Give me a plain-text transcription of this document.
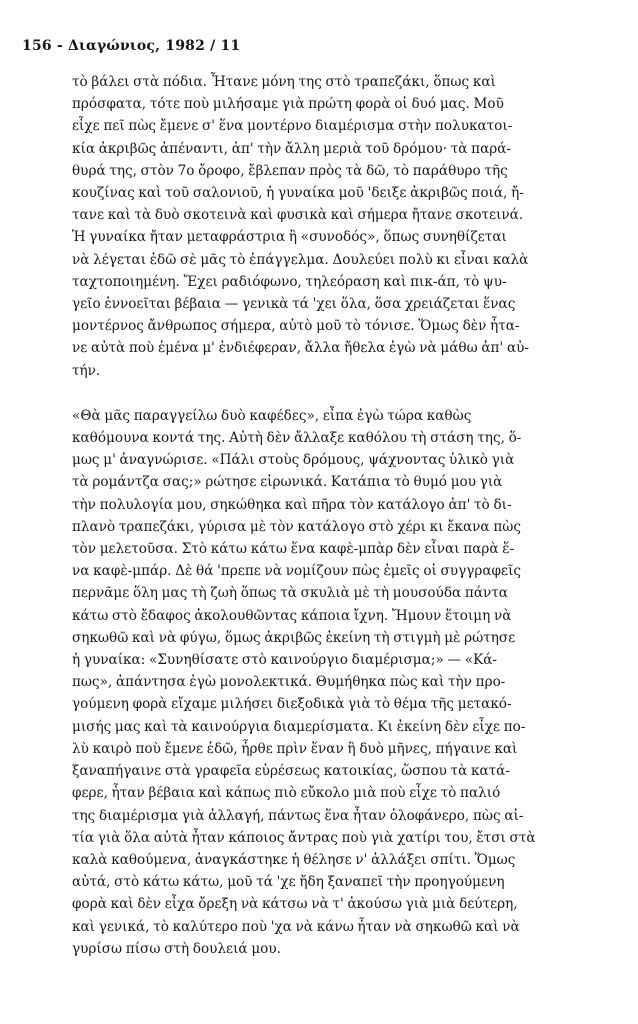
156 - Διαγώνιος, 1982 / 11
τὸ βάλει στὰ πόδια. Ἦτανε μόνη της στὸ τραπεζάκι, ὅπως καὶ
πρόσφατα, τότε ποὺ μιλήσαμε γιὰ πρώτη φορὰ οἱ δυό μας. Μοῦ
εἶχε πεῖ πὼς ἔμενε σ' ἕνα μοντέρνο διαμέρισμα στὴν πολυκατοι-
κία ἀκριβῶς ἀπέναντι, ἀπ' τὴν ἄλλη μεριὰ τοῦ δρόμου· τὰ παρά-
θυρά της, στὸν 7ο ὄροφο, ἔβλεπαν πρὸς τὰ δῶ, τὸ παράθυρο τῆς
κουζίνας καὶ τοῦ σαλονιοῦ, ἡ γυναίκα μοῦ 'δειξε ἀκριβῶς ποιά, ἤ-
τανε καὶ τὰ δυὸ σκοτεινὰ καὶ φυσικὰ καὶ σήμερα ἤτανε σκοτεινά.
Ἡ γυναίκα ἤταν μεταφράστρια ἢ «συνοδός», ὅπως συνηθίζεται
νὰ λέγεται ἐδῶ σὲ μᾶς τὸ ἐπάγγελμα. Δουλεύει πολὺ κι εἶναι καλὰ
ταχτοποιημένη. Ἔχει ραδιόφωνο, τηλεόραση καὶ πικ-άπ, τὸ ψυ-
γεῖο ἐννοεῖται βέβαια — γενικὰ τά 'χει ὅλα, ὅσα χρειάζεται ἕνας
μοντέρνος ἄνθρωπος σήμερα, αὐτὸ μοῦ τὸ τόνισε. Ὅμως δὲν ἦτα-
νε αὐτὰ ποὺ ἐμένα μ' ἐνδιέφεραν, ἄλλα ἤθελα ἐγὼ νὰ μάθω ἀπ' αὐ-
τήν.
«Θὰ μᾶς παραγγείλω δυὸ καφέδες», εἶπα ἐγὼ τώρα καθὼς
καθόμουνα κοντά της. Αὐτὴ δὲν ἄλλαξε καθόλου τὴ στάση της, ὅ-
μως μ' ἀναγνώρισε. «Πάλι στοὺς δρόμους, ψάχνοντας ὑλικὸ γιὰ
τὰ ρομάντζα σας;» ρώτησε εἰρωνικά. Κατάπια τὸ θυμό μου γιὰ
τὴν πολυλογία μου, σηκώθηκα καὶ πῆρα τὸν κατάλογο ἀπ' τὸ δι-
πλανὸ τραπεζάκι, γύρισα μὲ τὸν κατάλογο στὸ χέρι κι ἔκανα πὼς
τὸν μελετοῦσα. Στὸ κάτω κάτω ἕνα καφὲ-μπὰρ δὲν εἶναι παρὰ ἕ-
να καφὲ-μπάρ. Δὲ θά 'πρεπε νὰ νομίζουν πὼς ἐμεῖς οἱ συγγραφεῖς
περνᾶμε ὅλη μας τὴ ζωὴ ὅπως τὰ σκυλιὰ μὲ τὴ μουσούδα πάντα
κάτω στὸ ἔδαφος ἀκολουθῶντας κάποια ἴχνη. Ἤμουν ἕτοιμη νὰ
σηκωθῶ καὶ νὰ φύγω, ὅμως ἀκριβῶς ἐκείνη τὴ στιγμὴ μὲ ρώτησε
ἡ γυναίκα: «Συνηθίσατε στὸ καινούργιο διαμέρισμα;» — «Κά-
πως», ἀπάντησα ἐγὼ μονολεκτικά. Θυμήθηκα πὼς καὶ τὴν προ-
γούμενη φορὰ εἴχαμε μιλήσει διεξοδικὰ γιὰ τὸ θέμα τῆς μετακό-
μισής μας καὶ τὰ καινούργια διαμερίσματα. Κι ἐκείνη δὲν εἶχε πο-
λὺ καιρὸ ποὺ ἔμενε ἐδῶ, ἦρθε πρὶν ἕναν ἢ δυὸ μῆνες, πήγαινε καὶ
ξαναπήγαινε στὰ γραφεῖα εὑρέσεως κατοικίας, ὥσπου τὰ κατά-
φερε, ἦταν βέβαια καὶ κάπως πιὸ εὔκολο μιὰ ποὺ εἶχε τὸ παλιό
της διαμέρισμα γιὰ ἀλλαγή, πάντως ἕνα ἦταν ὁλοφάνερο, πὼς αἰ-
τία γιὰ ὅλα αὐτὰ ἦταν κάποιος ἄντρας ποὺ γιὰ χατίρι του, ἔτσι στὰ
καλὰ καθούμενα, ἀναγκάστηκε ἡ θέλησε ν' ἀλλάξει σπίτι. Ὅμως
αὐτά, στὸ κάτω κάτω, μοῦ τά 'χε ἤδη ξαναπεῖ τὴν προηγούμενη
φορὰ καὶ δὲν εἶχα ὄρεξη νὰ κάτσω νὰ τ' ἀκούσω γιὰ μιὰ δεύτερη,
καὶ γενικά, τὸ καλύτερο ποὺ 'χα νὰ κάνω ἦταν νὰ σηκωθῶ καὶ νὰ
γυρίσω πίσω στὴ δουλειά μου.
